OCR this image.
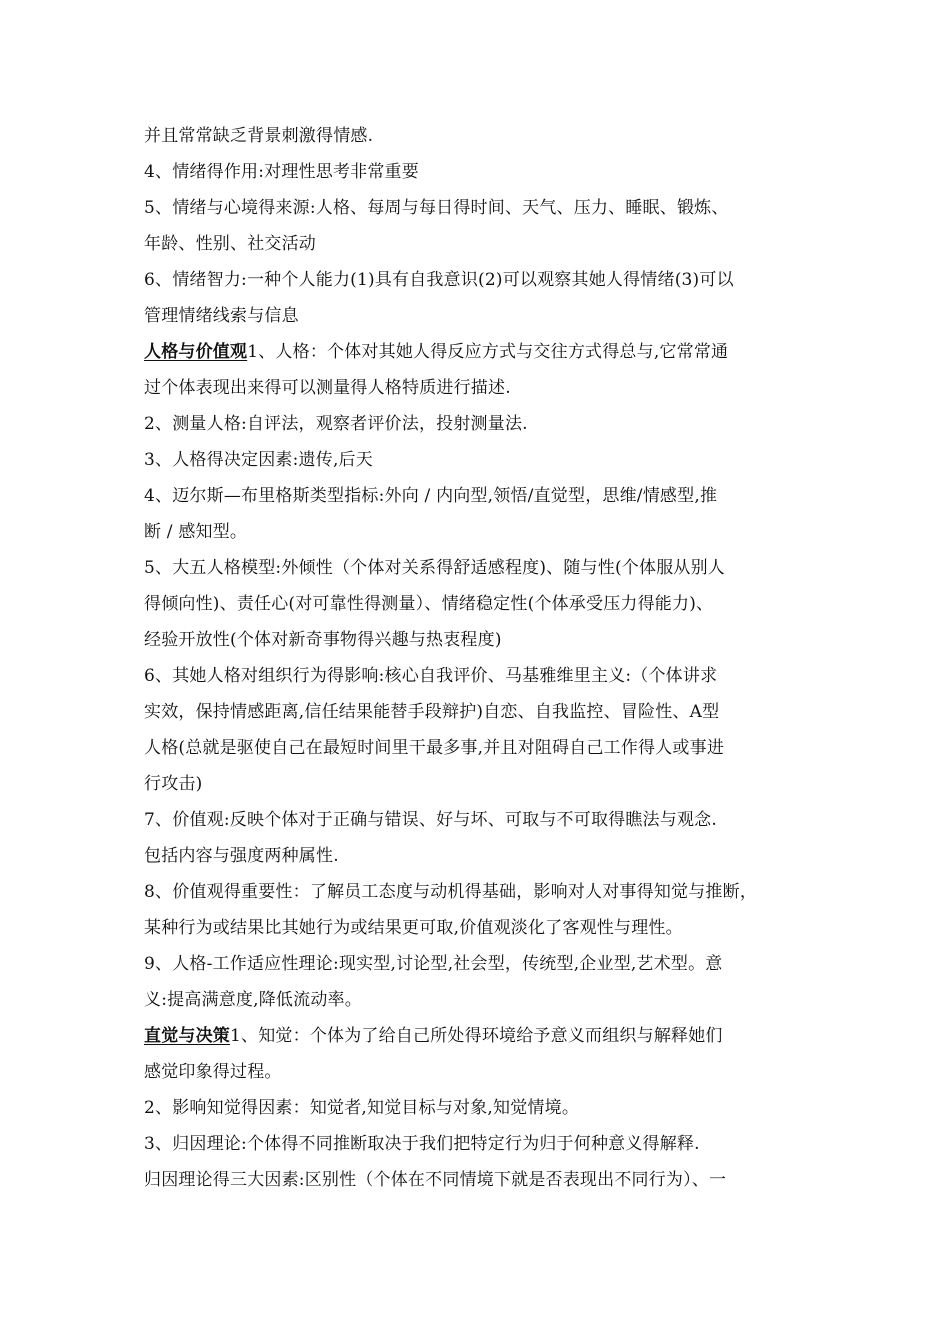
并且常常缺乏背景刺激得情感.
4、情绪得作用:对理性思考非常重要
5、情绪与心境得来源:人格、每周与每日得时间、天气、压力、睡眠、锻炼、
年龄、性别、社交活动
6、情绪智力:一种个人能力(1)具有自我意识(2)可以观察其她人得情绪(3)可以
管理情绪线索与信息
人格与价值观1、人格：个体对其她人得反应方式与交往方式得总与,它常常通
过个体表现出来得可以测量得人格特质进行描述.
2、测量人格:自评法，观察者评价法，投射测量法.
3、人格得决定因素:遗传,后天
4、迈尔斯—布里格斯类型指标:外向 / 内向型,领悟/直觉型，思维/情感型,推
断 / 感知型。
5、大五人格模型:外倾性（个体对关系得舒适感程度)、随与性(个体服从别人
得倾向性)、责任心(对可靠性得测量）、情绪稳定性(个体承受压力得能力)、
经验开放性(个体对新奇事物得兴趣与热衷程度)
6、其她人格对组织行为得影响:核心自我评价、马基雅维里主义:（个体讲求
实效，保持情感距离,信任结果能替手段辩护)自恋、自我监控、冒险性、A型
人格(总就是驱使自己在最短时间里干最多事,并且对阻碍自己工作得人或事进
行攻击)
7、价值观:反映个体对于正确与错误、好与坏、可取与不可取得瞧法与观念.
包括内容与强度两种属性.
8、价值观得重要性：了解员工态度与动机得基础，影响对人对事得知觉与推断，
某种行为或结果比其她行为或结果更可取,价值观淡化了客观性与理性。
9、人格-工作适应性理论:现实型,讨论型,社会型，传统型,企业型,艺术型。意
义:提高满意度,降低流动率。
直觉与决策1、知觉：个体为了给自己所处得环境给予意义而组织与解释她们
感觉印象得过程。
2、影响知觉得因素：知觉者,知觉目标与对象,知觉情境。
3、归因理论:个体得不同推断取决于我们把特定行为归于何种意义得解释.
归因理论得三大因素:区别性（个体在不同情境下就是否表现出不同行为）、一
